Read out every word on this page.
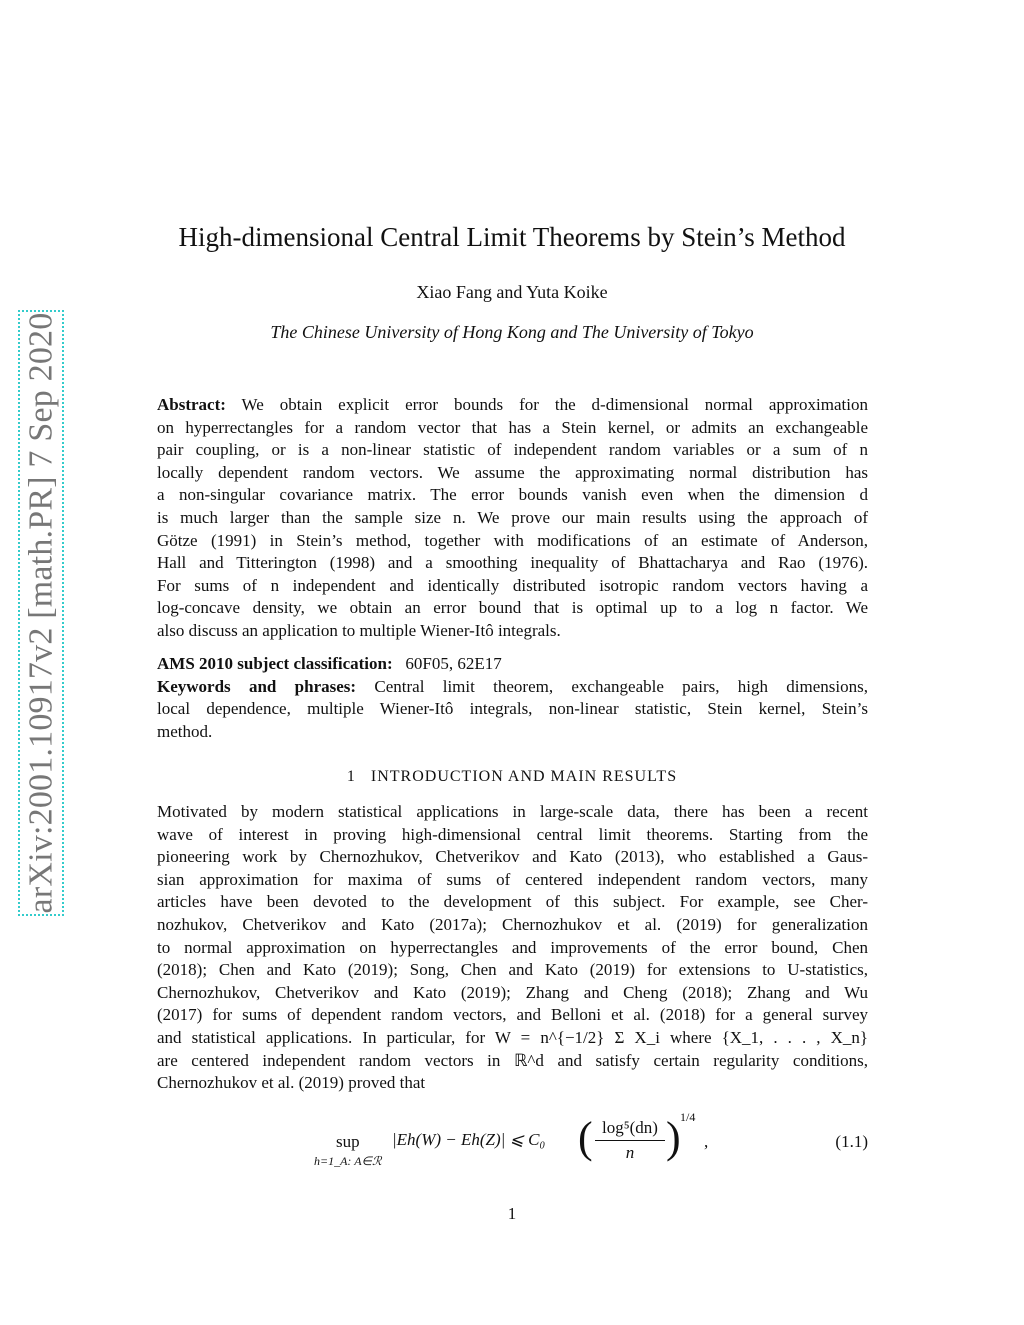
arXiv:2001.10917v2 [math.PR] 7 Sep 2020
High-dimensional Central Limit Theorems by Stein’s Method
Xiao Fang and Yuta Koike
The Chinese University of Hong Kong and The University of Tokyo
Abstract: We obtain explicit error bounds for the d-dimensional normal approximation
on hyperrectangles for a random vector that has a Stein kernel, or admits an exchangeable
pair coupling, or is a non-linear statistic of independent random variables or a sum of n
locally dependent random vectors. We assume the approximating normal distribution has
a non-singular covariance matrix. The error bounds vanish even when the dimension d
is much larger than the sample size n. We prove our main results using the approach of
Götze (1991) in Stein’s method, together with modifications of an estimate of Anderson,
Hall and Titterington (1998) and a smoothing inequality of Bhattacharya and Rao (1976).
For sums of n independent and identically distributed isotropic random vectors having a
log-concave density, we obtain an error bound that is optimal up to a log n factor. We
also discuss an application to multiple Wiener-Itô integrals.
AMS 2010 subject classification: 60F05, 62E17
Keywords and phrases: Central limit theorem, exchangeable pairs, high dimensions,
local dependence, multiple Wiener-Itô integrals, non-linear statistic, Stein kernel, Stein’s
method.
1 INTRODUCTION AND MAIN RESULTS
Motivated by modern statistical applications in large-scale data, there has been a recent
wave of interest in proving high-dimensional central limit theorems. Starting from the
pioneering work by Chernozhukov, Chetverikov and Kato (2013), who established a Gaus-
sian approximation for maxima of sums of centered independent random vectors, many
articles have been devoted to the development of this subject. For example, see Cher-
nozhukov, Chetverikov and Kato (2017a); Chernozhukov et al. (2019) for generalization
to normal approximation on hyperrectangles and improvements of the error bound, Chen
(2018); Chen and Kato (2019); Song, Chen and Kato (2019) for extensions to U-statistics,
Chernozhukov, Chetverikov and Kato (2019); Zhang and Cheng (2018); Zhang and Wu
(2017) for sums of dependent random vectors, and Belloni et al. (2018) for a general survey
and statistical applications. In particular, for W = n^{−1/2} Σ X_i where {X_1, . . . , X_n}
are centered independent random vectors in ℝ^d and satisfy certain regularity conditions,
Chernozhukov et al. (2019) proved that
sup
h=1_A: A∈ℛ
|Eh(W) − Eh(Z)| ⩽ C₀ ( $\frac{\text{log⁵(dn)}}{n}$ ) 1/4
,	(1.1)
1
